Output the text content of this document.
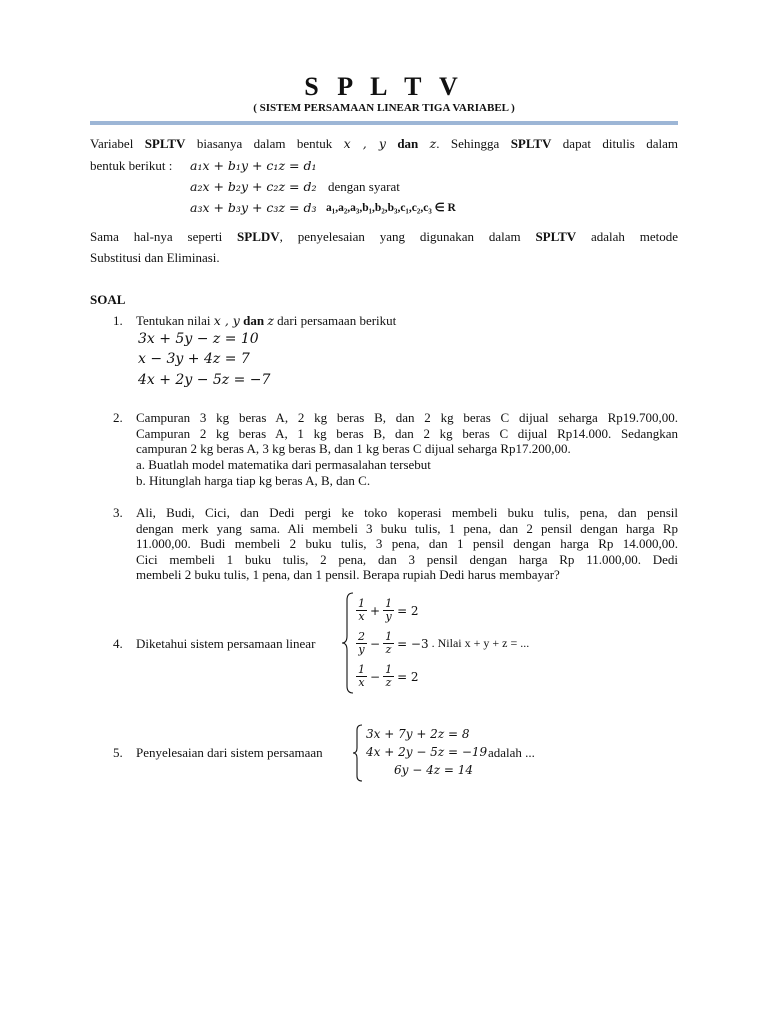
S P L T V
( SISTEM PERSAMAAN LINEAR TIGA VARIABEL )
Variabel SPLTV biasanya dalam bentuk x , y dan z. Sehingga SPLTV dapat ditulis dalam
bentuk berikut : a₁x + b₁y + c₁z = d₁
a₂x + b₂y + c₂z = d₂ dengan syarat
a₃x + b₃y + c₃z = d₃ a₁,a₂,a₃,b₁,b₂,b₃,c₁,c₂,c₃ ∈ R
Sama hal-nya seperti SPLDV, penyelesaian yang digunakan dalam SPLTV adalah metode
Substitusi dan Eliminasi.
SOAL
1. Tentukan nilai x , y dan z dari persamaan berikut
3x + 5y − z = 10
x − 3y + 4z = 7
4x + 2y − 5z = −7
2. Campuran 3 kg beras A, 2 kg beras B, dan 2 kg beras C dijual seharga Rp19.700,00.
Campuran 2 kg beras A, 1 kg beras B, dan 2 kg beras C dijual Rp14.000. Sedangkan
campuran 2 kg beras A, 3 kg beras B, dan 1 kg beras C dijual seharga Rp17.200,00.
a. Buatlah model matematika dari permasalahan tersebut
b. Hitunglah harga tiap kg beras A, B, dan C.
3. Ali, Budi, Cici, dan Dedi pergi ke toko koperasi membeli buku tulis, pena, dan pensil
dengan merk yang sama. Ali membeli 3 buku tulis, 1 pena, dan 2 pensil dengan harga Rp
11.000,00. Budi membeli 2 buku tulis, 3 pena, dan 1 pensil dengan harga Rp 14.000,00.
Cici membeli 1 buku tulis, 2 pena, dan 3 pensil dengan harga Rp 11.000,00. Dedi
membeli 2 buku tulis, 1 pena, dan 1 pensil. Berapa rupiah Dedi harus membayar?
4. Diketahui sistem persamaan linear
$\frac{1}{x} + \frac{1}{y} = 2$
$\frac{2}{y} - \frac{1}{z} = -3$ . Nilai x + y + z = ...
$\frac{1}{x} - \frac{1}{z} = 2$
5. Penyelesaian dari sistem persamaan
3x + 7y + 2z = 8
4x + 2y − 5z = −19 adalah ...
6y − 4z = 14
